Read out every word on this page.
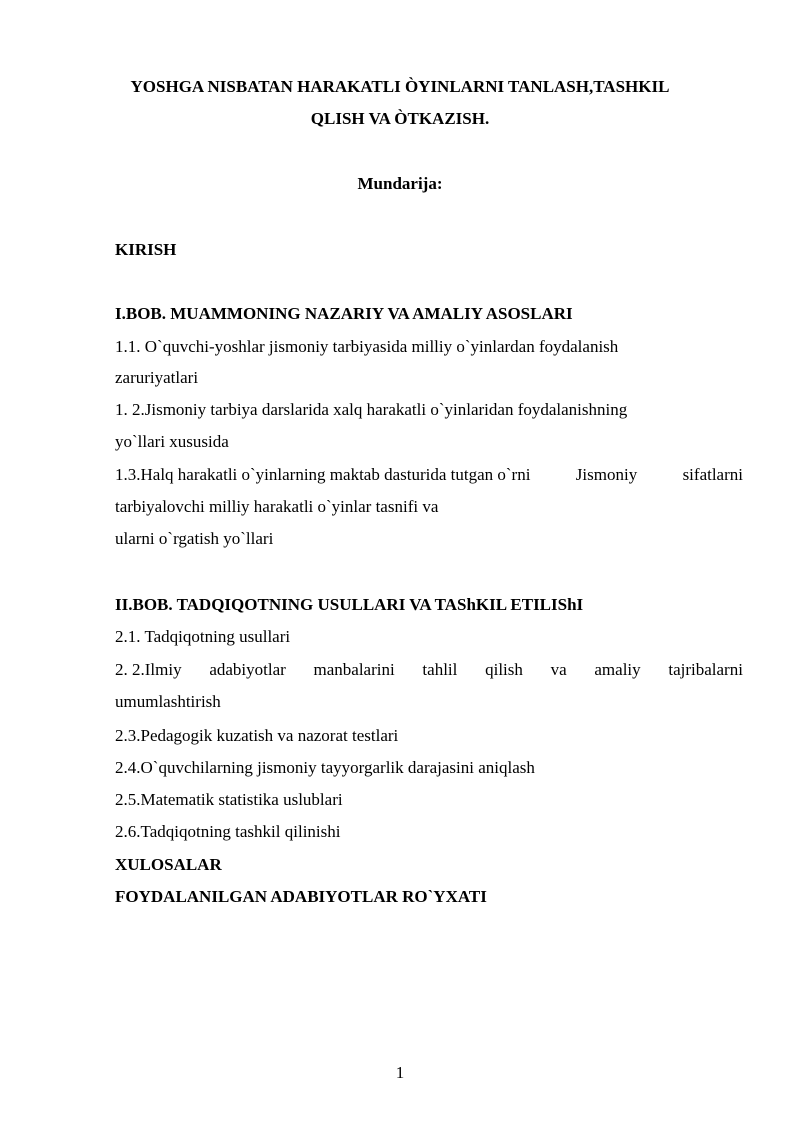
YOSHGA NISBATAN HARAKATLI ÒYINLARNI TANLASH,TASHKIL
QLISH VA ÒTKAZISH.
Mundarija:
KIRISH
I.BOB. MUAMMONING NAZARIY VA AMALIY ASOSLARI
1.1. O`quvchi-yoshlar jismoniy tarbiyasida milliy o`yinlardan foydalanish
zaruriyatlari
1. 2.Jismoniy tarbiya darslarida xalq harakatli o`yinlaridan foydalanishning
yo`llari xususida
1.3.Halq harakatli o`yinlarning maktab dasturida tutgan o`rni	Jismoniy	sifatlarni
tarbiyalovchi milliy harakatli o`yinlar tasnifi va
ularni o`rgatish yo`llari
II.BOB. TADQIQOTNING USULLARI VA TAShKIL ETILIShI
2.1. Tadqiqotning usullari
2. 2.Ilmiy adabiyotlar manbalarini tahlil qilish va amaliy tajribalarni
umumlashtirish
2.3.Pedagogik kuzatish va nazorat testlari
2.4.O`quvchilarning jismoniy tayyorgarlik darajasini aniqlash
2.5.Matematik statistika uslublari
2.6.Tadqiqotning tashkil qilinishi
XULOSALAR
FOYDALANILGAN ADABIYOTLAR RO`YXATI
1
